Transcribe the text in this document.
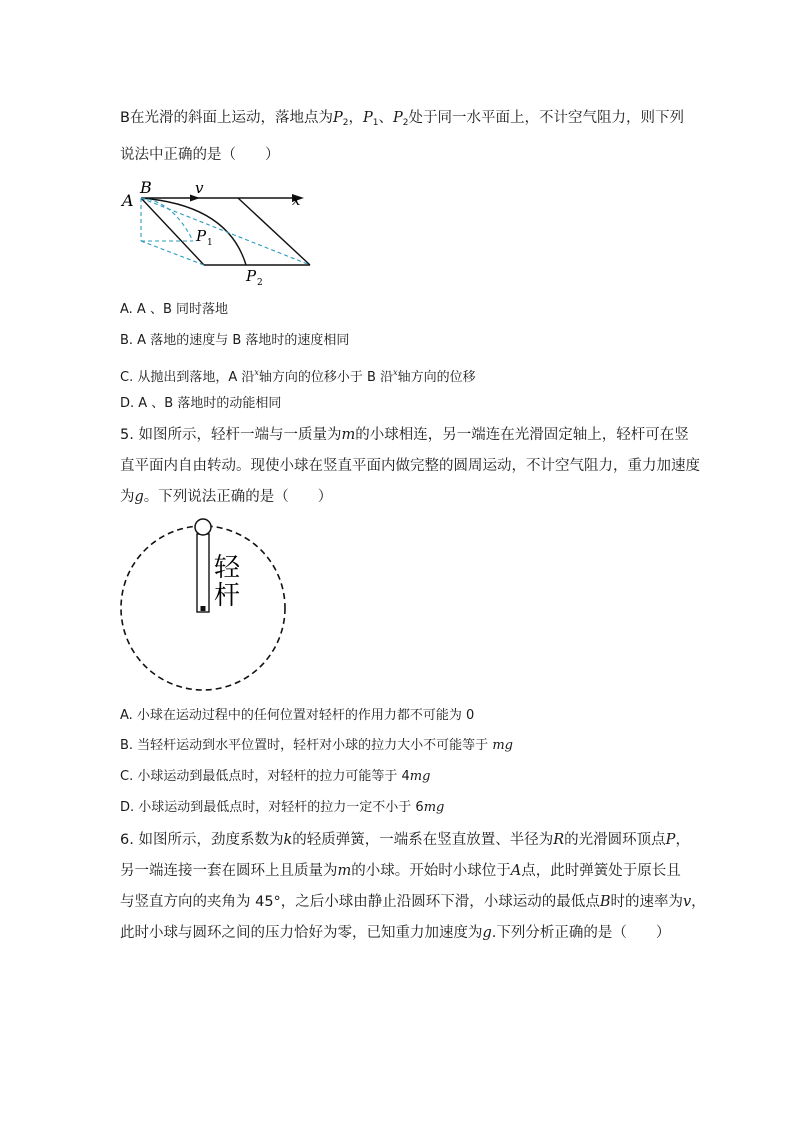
B在光滑的斜面上运动，落地点为$P_2$，$P_1$、$P_2$处于同一水平面上，不计空气阻力，则下列
说法中正确的是（　　）
A
B	v
x
P 1
P 2
A. A 、B 同时落地
B. A 落地的速度与 B 落地时的速度相同
C. 从抛出到落地，A 沿$^x$轴方向的位移小于 B 沿$^x$轴方向的位移
D. A 、B 落地时的动能相同
5. 如图所示，轻杆一端与一质量为m的小球相连，另一端连在光滑固定轴上，轻杆可在竖
直平面内自由转动。现使小球在竖直平面内做完整的圆周运动，不计空气阻力，重力加速度
为g。下列说法正确的是（　　）
轻
杆
A. 小球在运动过程中的任何位置对轻杆的作用力都不可能为 0
B. 当轻杆运动到水平位置时，轻杆对小球的拉力大小不可能等于 mg
C. 小球运动到最低点时，对轻杆的拉力可能等于 4mg
D. 小球运动到最低点时，对轻杆的拉力一定不小于 6mg
6. 如图所示，劲度系数为k的轻质弹簧，一端系在竖直放置、半径为R的光滑圆环顶点P，
另一端连接一套在圆环上且质量为m的小球。开始时小球位于A点，此时弹簧处于原长且
与竖直方向的夹角为 45°，之后小球由静止沿圆环下滑，小球运动的最低点B时的速率为v，
此时小球与圆环之间的压力恰好为零，已知重力加速度为g.下列分析正确的是（　　）
